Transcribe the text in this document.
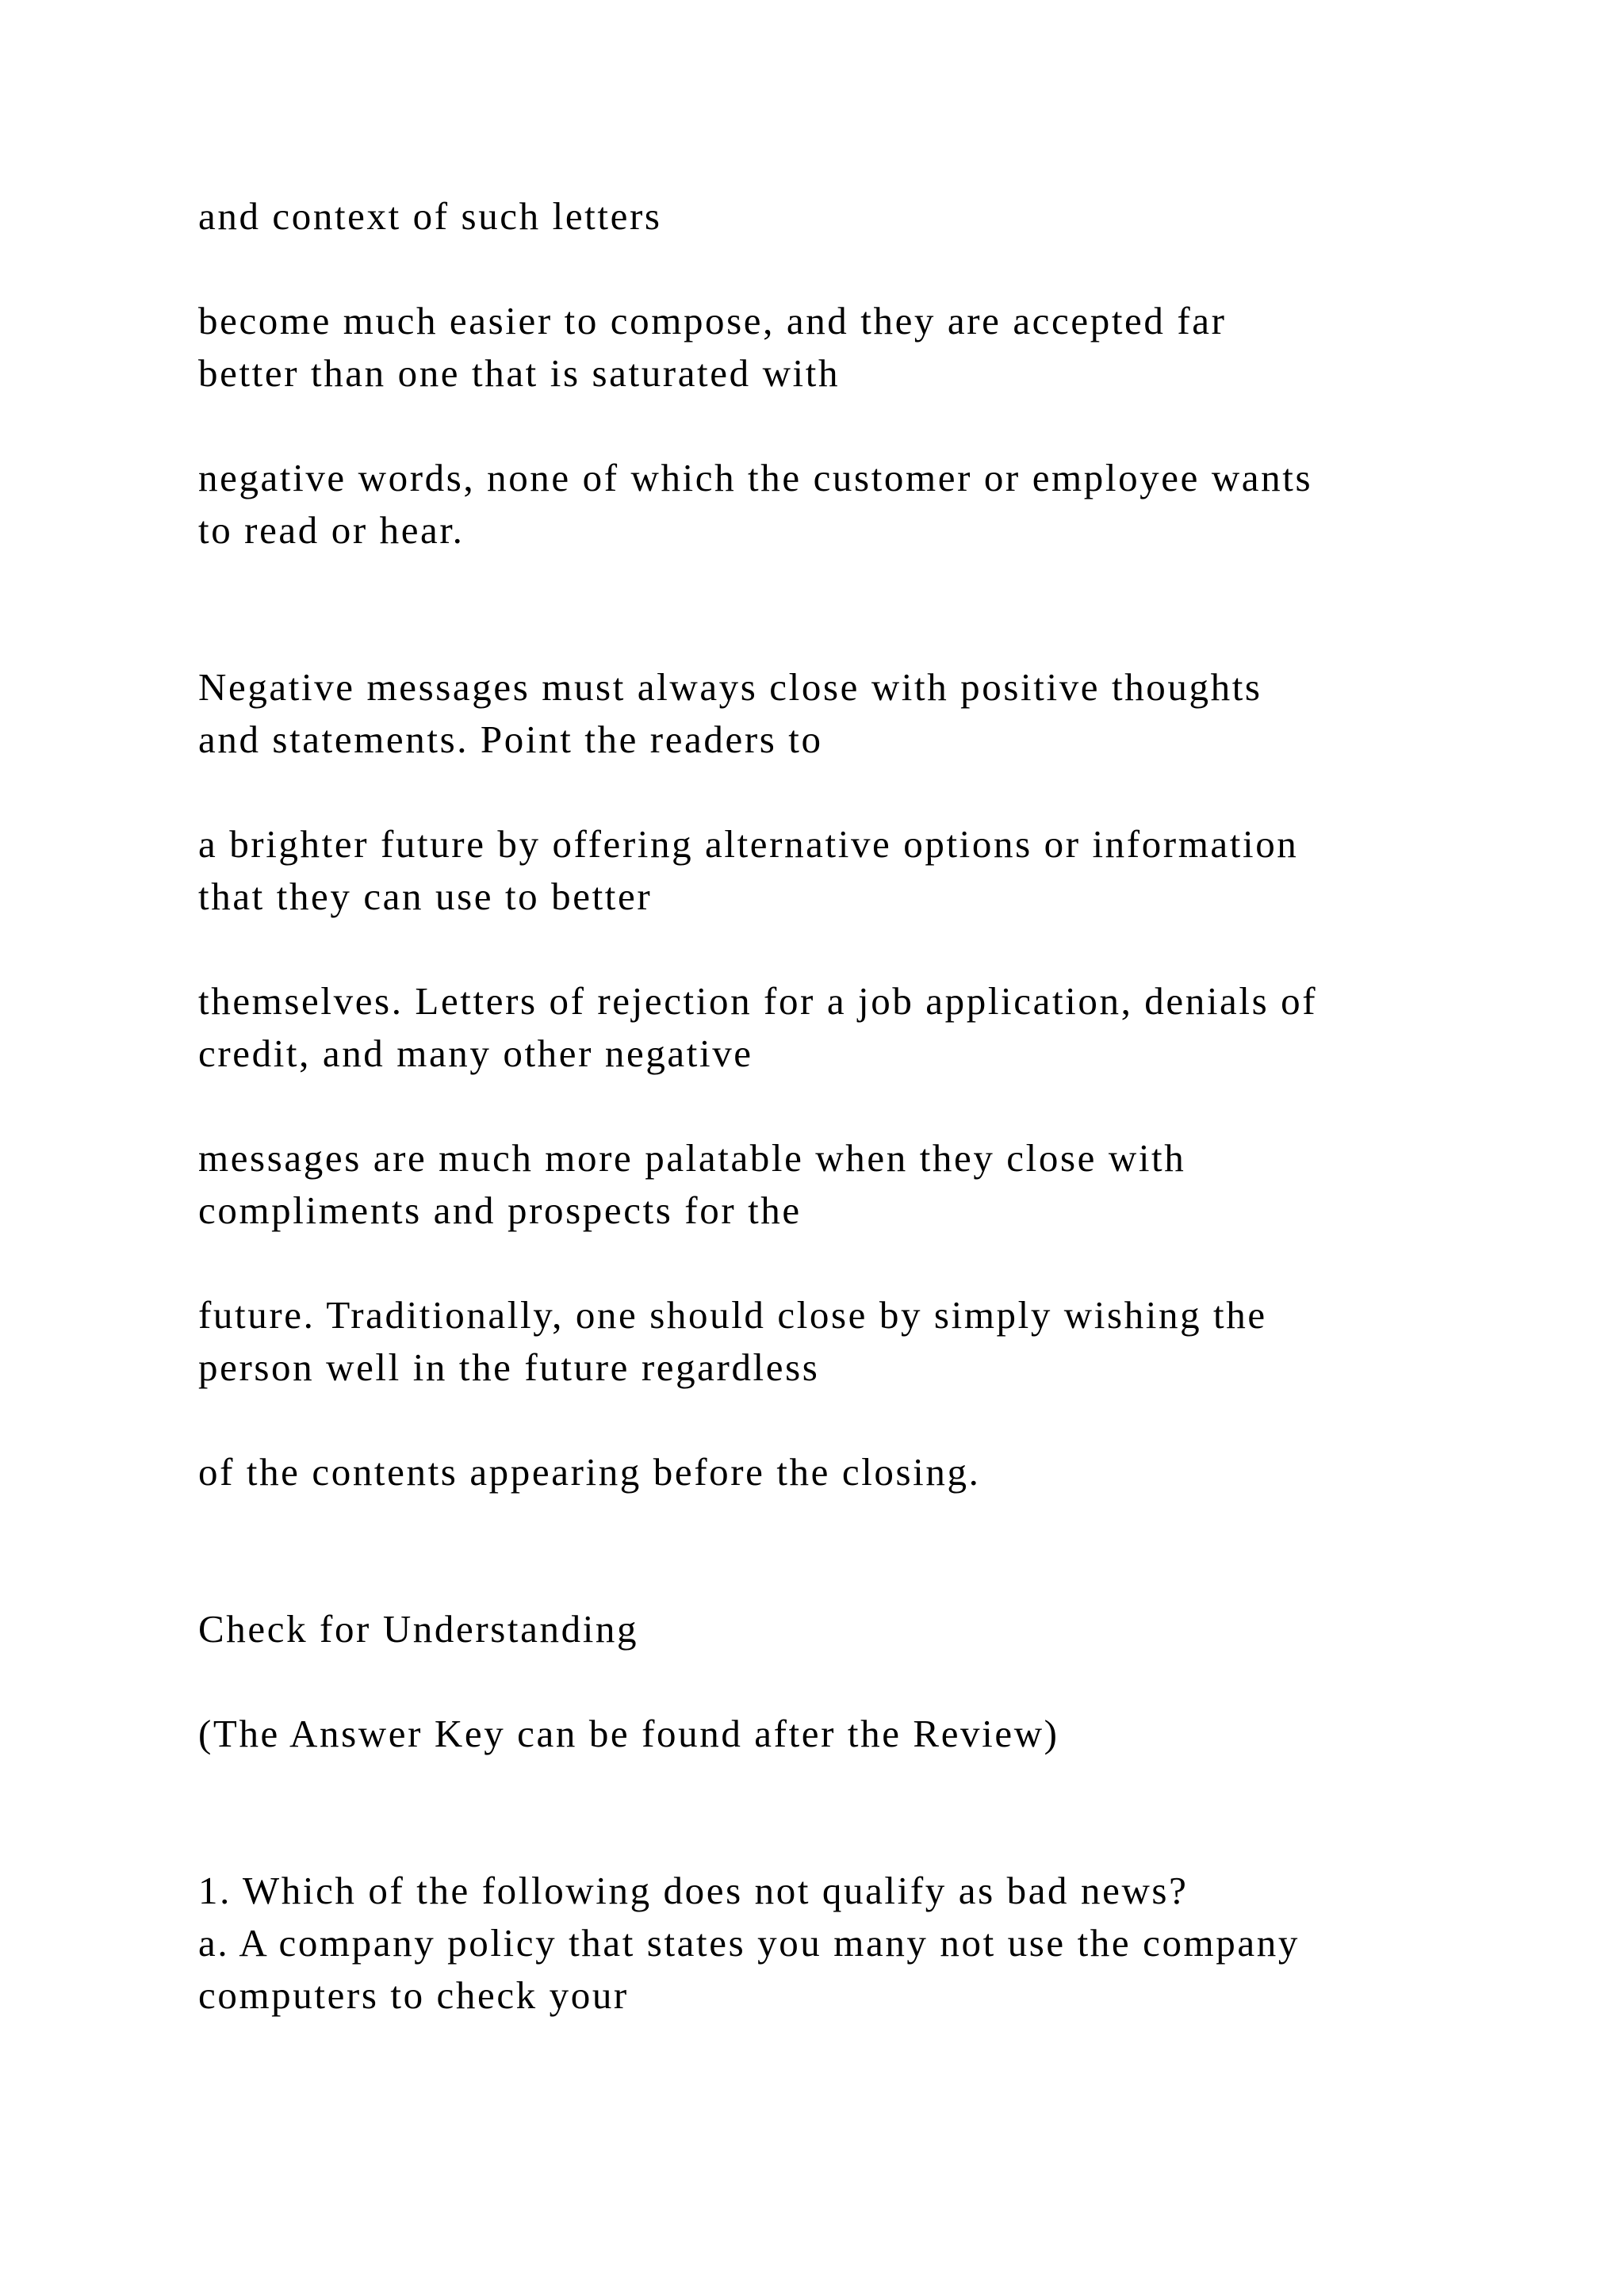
and context of such letters

become much easier to compose, and they are accepted far
better than one that is saturated with

negative words, none of which the customer or employee wants
to read or hear.

Negative messages must always close with positive thoughts
and statements. Point the readers to

a brighter future by offering alternative options or information
that they can use to better

themselves. Letters of rejection for a job application, denials of
credit, and many other negative

messages are much more palatable when they close with
compliments and prospects for the

future. Traditionally, one should close by simply wishing the
person well in the future regardless

of the contents appearing before the closing.

Check for Understanding

(The Answer Key can be found after the Review)

1. Which of the following does not qualify as bad news?
a. A company policy that states you many not use the company
computers to check your
